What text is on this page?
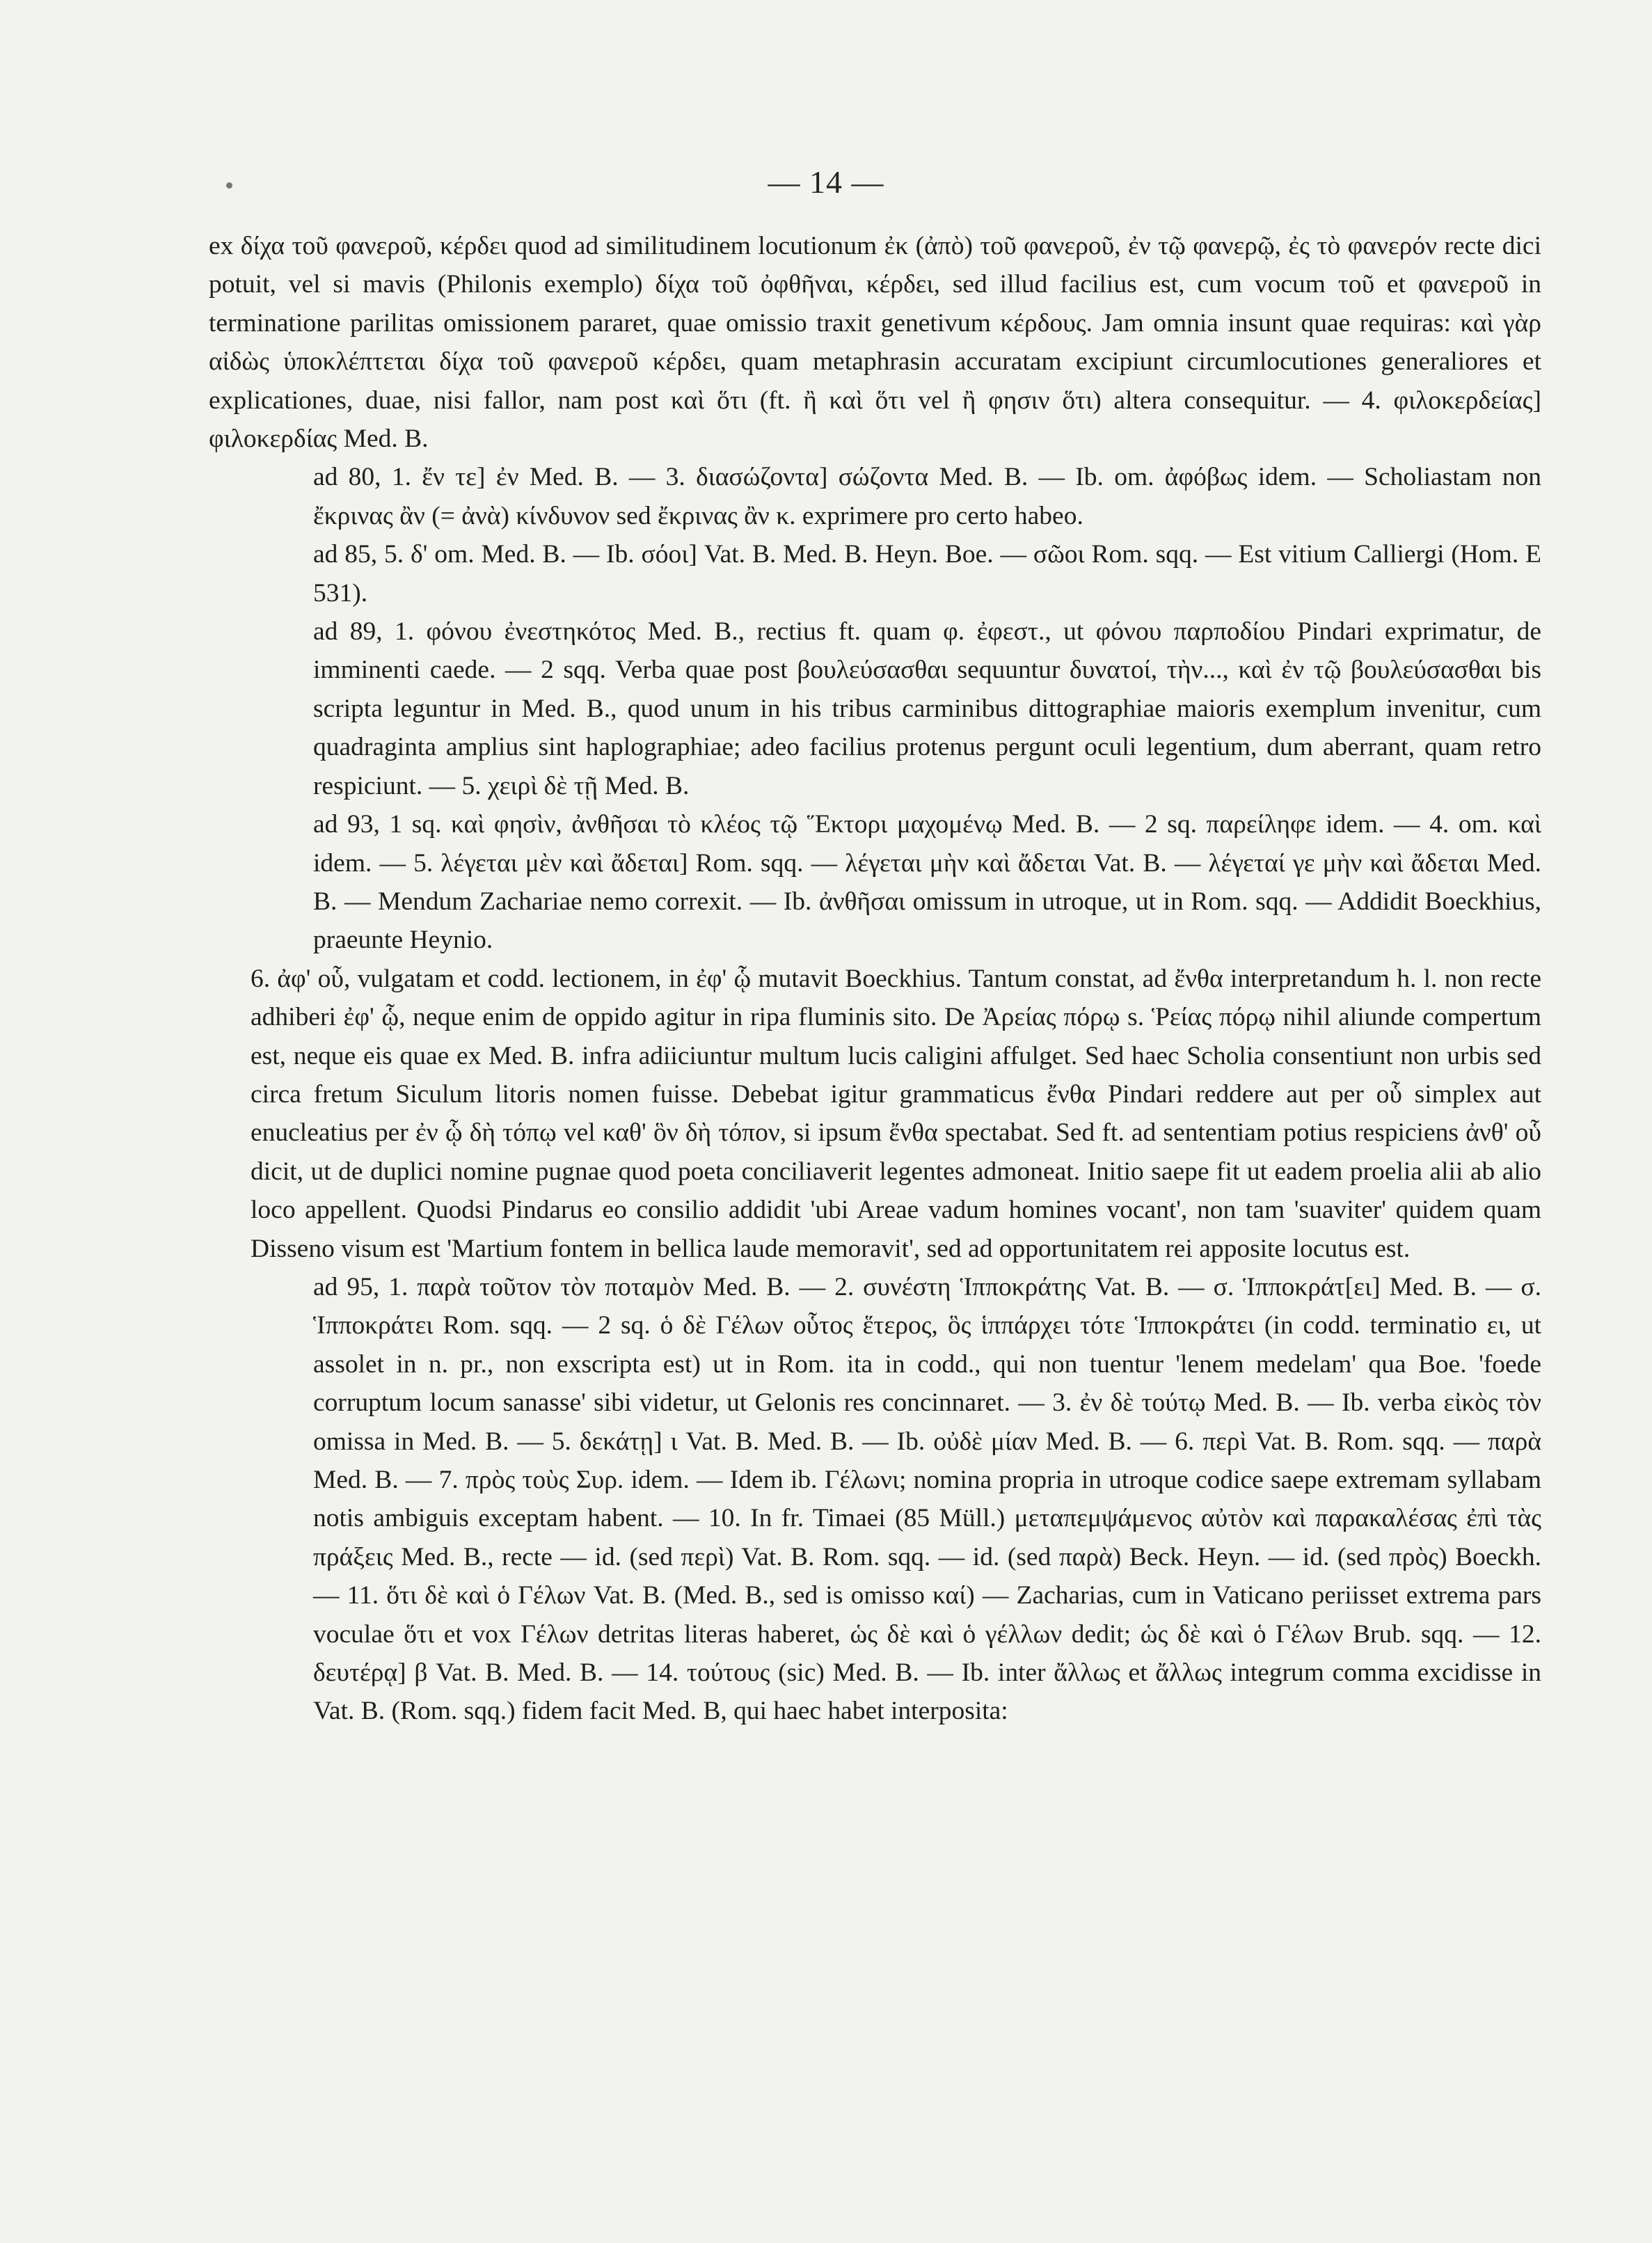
— 14 —

ex δίχα τοῦ φανεροῦ, κέρδει quod ad similitudinem locutionum ἐκ (ἀπὸ) τοῦ φανεροῦ, ἐν τῷ φανερῷ, ἐς τὸ φανερόν recte dici potuit, vel si mavis (Philonis exemplo) δίχα τοῦ ὀφθῆναι, κέρδει, sed illud facilius est, cum vocum τοῦ et φανεροῦ in terminatione parilitas omissionem pararet, quae omissio traxit genetivum κέρδους. Jam omnia insunt quae requiras: καὶ γὰρ αἰδὼς ὑποκλέπτεται δίχα τοῦ φανεροῦ κέρδει, quam metaphrasin accuratam excipiunt circumlocutiones generaliores et explicationes, duae, nisi fallor, nam post καὶ ὅτι (ft. ἢ καὶ ὅτι vel ἢ φησιν ὅτι) altera consequitur. — 4. φιλοκερδείας] φιλοκερδίας Med. B.

ad 80, 1. ἔν τε] ἐν Med. B. — 3. διασώζοντα] σώζοντα Med. B. — Ib. om. ἀφόβως idem. — Scholiastam non ἔκρινας ἂν (= ἀνὰ) κίνδυνον sed ἔκρινας ἂν κ. exprimere pro certo habeo.

ad 85, 5. δ' om. Med. B. — Ib. σόοι] Vat. B. Med. B. Heyn. Boe. — σῶοι Rom. sqq. — Est vitium Calliergi (Hom. Ε 531).

ad 89, 1. φόνου ἐνεστηκότος Med. B., rectius ft. quam φ. ἐφεστ., ut φόνου παρποδίου Pindari exprimatur, de imminenti caede. — 2 sqq. Verba quae post βουλεύσασθαι sequuntur δυνατοί, τὴν..., καὶ ἐν τῷ βουλεύσασθαι bis scripta leguntur in Med. B., quod unum in his tribus carminibus dittographiae maioris exemplum invenitur, cum quadraginta amplius sint haplographiae; adeo facilius protenus pergunt oculi legentium, dum aberrant, quam retro respiciunt. — 5. χειρὶ δὲ τῇ Med. B.

ad 93, 1 sq. καὶ φησὶν, ἀνθῆσαι τὸ κλέος τῷ Ἕκτορι μαχομένῳ Med. B. — 2 sq. παρείληφε idem. — 4. om. καὶ idem. — 5. λέγεται μὲν καὶ ἄδεται] Rom. sqq. — λέγεται μὴν καὶ ἄδεται Vat. B. — λέγεταί γε μὴν καὶ ἄδεται Med. B. — Mendum Zachariae nemo correxit. — Ib. ἀνθῆσαι omissum in utroque, ut in Rom. sqq. — Addidit Boeckhius, praeunte Heynio.

6. ἀφ' οὗ, vulgatam et codd. lectionem, in ἐφ' ᾧ mutavit Boeckhius. Tantum constat, ad ἔνθα interpretandum h. l. non recte adhiberi ἐφ' ᾧ, neque enim de oppido agitur in ripa fluminis sito. De Ἀρείας πόρῳ s. Ῥείας πόρῳ nihil aliunde compertum est, neque eis quae ex Med. B. infra adiiciuntur multum lucis caligini affulget. Sed haec Scholia consentiunt non urbis sed circa fretum Siculum litoris nomen fuisse. Debebat igitur grammaticus ἔνθα Pindari reddere aut per οὗ simplex aut enucleatius per ἐν ᾧ δὴ τόπῳ vel καθ' ὃν δὴ τόπον, si ipsum ἔνθα spectabat. Sed ft. ad sententiam potius respiciens ἀνθ' οὗ dicit, ut de duplici nomine pugnae quod poeta conciliaverit legentes admoneat. Initio saepe fit ut eadem proelia alii ab alio loco appellent. Quodsi Pindarus eo consilio addidit 'ubi Areae vadum homines vocant', non tam 'suaviter' quidem quam Disseno visum est 'Martium fontem in bellica laude memoravit', sed ad opportunitatem rei apposite locutus est.

ad 95, 1. παρὰ τοῦτον τὸν ποταμὸν Med. B. — 2. συνέστη Ἱπποκράτης Vat. B. — σ. Ἱπποκράτ[ει] Med. B. — σ. Ἱπποκράτει Rom. sqq. — 2 sq. ὁ δὲ Γέλων οὗτος ἕτερος, ὃς ἱππάρχει τότε Ἱπποκράτει (in codd. terminatio ει, ut assolet in n. pr., non exscripta est) ut in Rom. ita in codd., qui non tuentur 'lenem medelam' qua Boe. 'foede corruptum locum sanasse' sibi videtur, ut Gelonis res concinnaret. — 3. ἐν δὲ τούτῳ Med. B. — Ib. verba εἰκὸς τὸν omissa in Med. B. — 5. δεκάτῃ] ι Vat. B. Med. B. — Ib. οὐδὲ μίαν Med. B. — 6. περὶ Vat. B. Rom. sqq. — παρὰ Med. B. — 7. πρὸς τοὺς Συρ. idem. — Idem ib. Γέλωνι; nomina propria in utroque codice saepe extremam syllabam notis ambiguis exceptam habent. — 10. In fr. Timaei (85 Müll.) μεταπεμψάμενος αὐτὸν καὶ παρακαλέσας ἐπὶ τὰς πράξεις Med. B., recte — id. (sed περὶ) Vat. B. Rom. sqq. — id. (sed παρὰ) Beck. Heyn. — id. (sed πρὸς) Boeckh. — 11. ὅτι δὲ καὶ ὁ Γέλων Vat. B. (Med. B., sed is omisso καί) — Zacharias, cum in Vaticano periisset extrema pars voculae ὅτι et vox Γέλων detritas literas haberet, ὡς δὲ καὶ ὁ γέλλων dedit; ὡς δὲ καὶ ὁ Γέλων Brub. sqq. — 12. δευτέρᾳ] β Vat. B. Med. B. — 14. τούτους (sic) Med. B. — Ib. inter ἄλλως et ἄλλως integrum comma excidisse in Vat. B. (Rom. sqq.) fidem facit Med. B, qui haec habet interposita:
